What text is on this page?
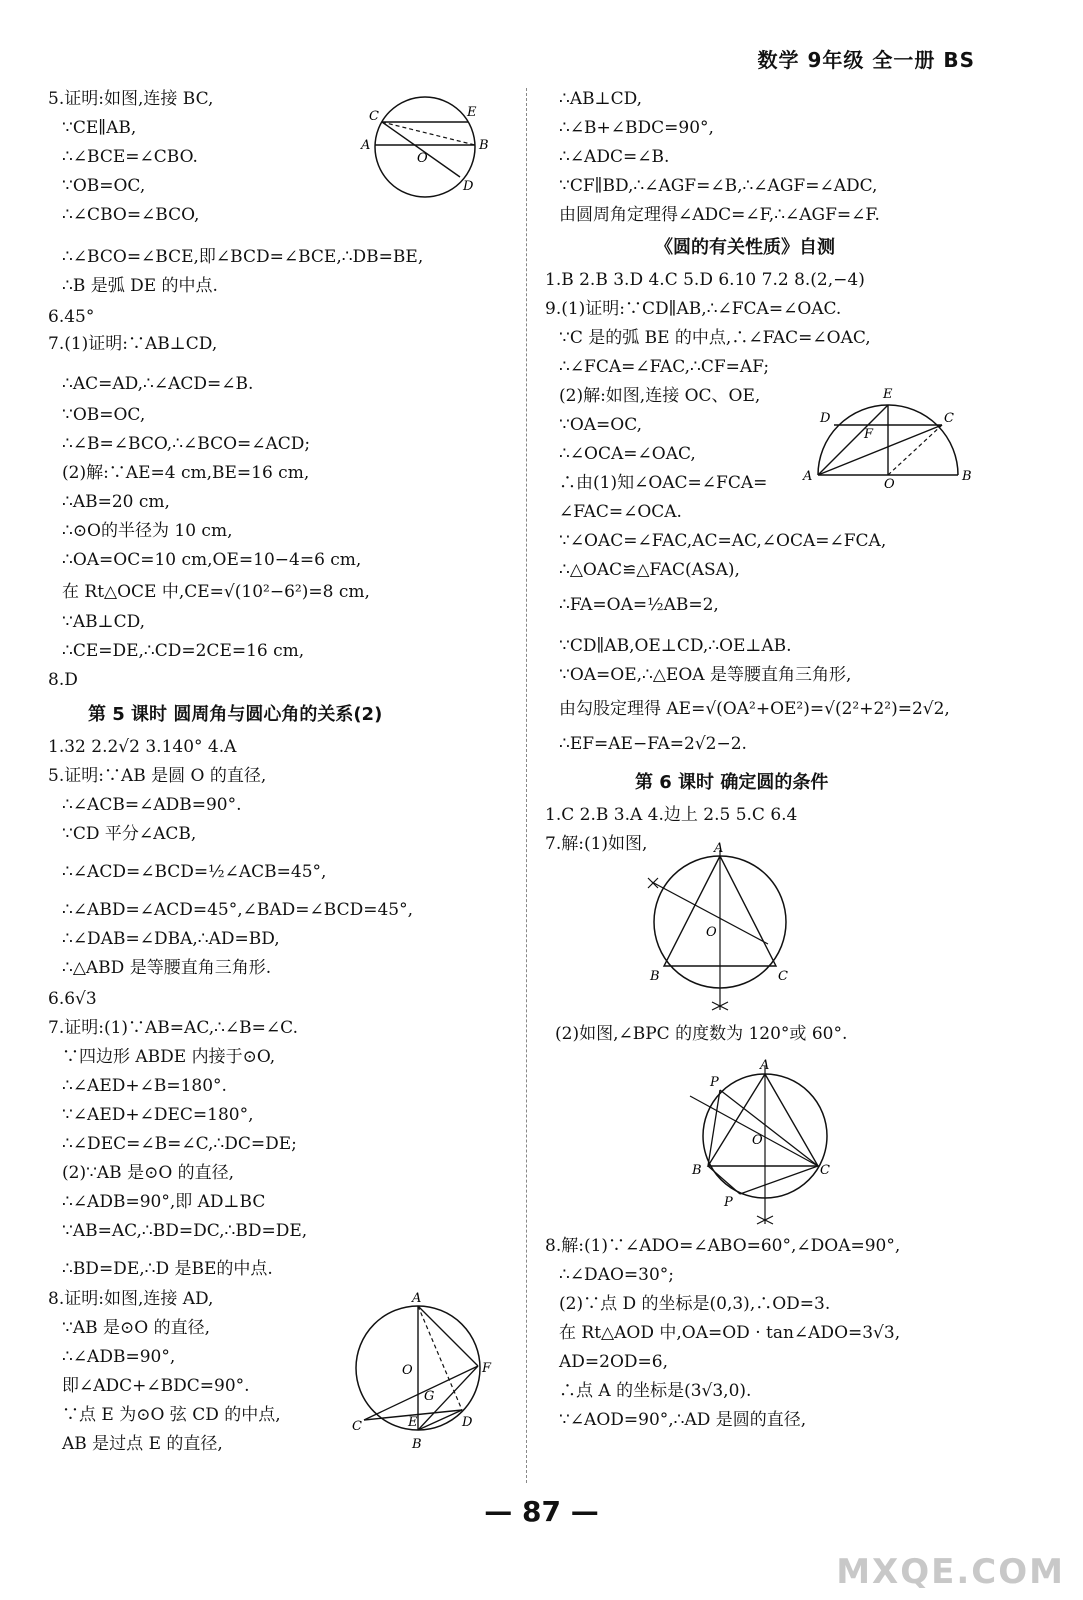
数学 9年级 全一册 BS
5.证明:如图,连接 BC,
∵CE∥AB,
∴∠BCE=∠CBO.
∵OB=OC,
∴∠CBO=∠BCO,
∴∠BCO=∠BCE,即∠BCD=∠BCE,∴DB=BE,
∴B 是弧 DE 的中点.
6.45°
7.(1)证明:∵AB⊥CD,
∴AC=AD,∴∠ACD=∠B.
∵OB=OC,
∴∠B=∠BCO,∴∠BCO=∠ACD;
(2)解:∵AE=4 cm,BE=16 cm,
∴AB=20 cm,
∴⊙O的半径为 10 cm,
∴OA=OC=10 cm,OE=10−4=6 cm,
在 Rt△OCE 中,CE=√(10²−6²)=8 cm,
∵AB⊥CD,
∴CE=DE,∴CD=2CE=16 cm,
8.D
第 5 课时 圆周角与圆心角的关系(2)
1.32 2.2√2 3.140° 4.A
5.证明:∵AB 是圆 O 的直径,
∴∠ACB=∠ADB=90°.
∵CD 平分∠ACB,
∴∠ACD=∠BCD=½∠ACB=45°,
∴∠ABD=∠ACD=45°,∠BAD=∠BCD=45°,
∴∠DAB=∠DBA,∴AD=BD,
∴△ABD 是等腰直角三角形.
6.6√3
7.证明:(1)∵AB=AC,∴∠B=∠C.
∵四边形 ABDE 内接于⊙O,
∴∠AED+∠B=180°.
∵∠AED+∠DEC=180°,
∴∠DEC=∠B=∠C,∴DC=DE;
(2)∵AB 是⊙O 的直径,
∴∠ADB=90°,即 AD⊥BC
∵AB=AC,∴BD=DC,∴BD=DE,
∴BD=DE,∴D 是BE的中点.
8.证明:如图,连接 AD,
∵AB 是⊙O 的直径,
∴∠ADB=90°,
即∠ADC+∠BDC=90°.
∵点 E 为⊙O 弦 CD 的中点,
AB 是过点 E 的直径,
∴AB⊥CD,
∴∠B+∠BDC=90°,
∴∠ADC=∠B.
∵CF∥BD,∴∠AGF=∠B,∴∠AGF=∠ADC,
由圆周角定理得∠ADC=∠F,∴∠AGF=∠F.
《圆的有关性质》自测
1.B 2.B 3.D 4.C 5.D 6.10 7.2 8.(2,−4)
9.(1)证明:∵CD∥AB,∴∠FCA=∠OAC.
∵C 是的弧 BE 的中点,∴∠FAC=∠OAC,
∴∠FCA=∠FAC,∴CF=AF;
(2)解:如图,连接 OC、OE,
∵OA=OC,
∴∠OCA=∠OAC,
∴由(1)知∠OAC=∠FCA=
∠FAC=∠OCA.
∵∠OAC=∠FAC,AC=AC,∠OCA=∠FCA,
∴△OAC≌△FAC(ASA),
∴FA=OA=½AB=2,
∵CD∥AB,OE⊥CD,∴OE⊥AB.
∵OA=OE,∴△EOA 是等腰直角三角形,
由勾股定理得 AE=√(OA²+OE²)=√(2²+2²)=2√2,
∴EF=AE−FA=2√2−2.
第 6 课时 确定圆的条件
1.C 2.B 3.A 4.边上 2.5 5.C 6.4
7.解:(1)如图,
(2)如图,∠BPC 的度数为 120°或 60°.
8.解:(1)∵∠ADO=∠ABO=60°,∠DOA=90°,
∴∠DAO=30°;
(2)∵点 D 的坐标是(0,3),∴OD=3.
在 Rt△AOD 中,OA=OD · tan∠ADO=3√3,
AD=2OD=6,
∴点 A 的坐标是(3√3,0).
∵∠AOD=90°,∴AD 是圆的直径,
C	E
A
O
B
D
E
D	C
F
A
O
B
A
O
B	C
P
A
O
B	C
P
A
O	F
G
C	E	D
B
— 87 —
MXQE.COM
